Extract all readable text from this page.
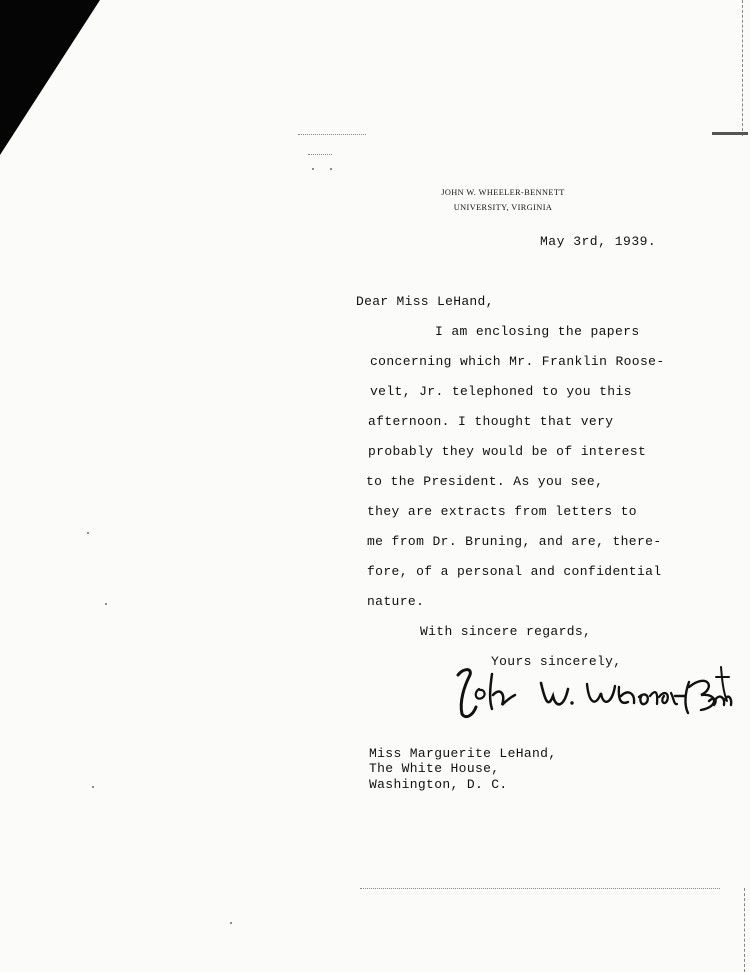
JOHN W. WHEELER-BENNETT
UNIVERSITY, VIRGINIA
May 3rd, 1939.
Dear Miss LeHand,
I am enclosing the papers
concerning which Mr. Franklin Roose-
velt, Jr. telephoned to you this
afternoon. I thought that very
probably they would be of interest
to the President. As you see,
they are extracts from letters to
me from Dr. Bruning, and are, there-
fore, of a personal and confidential
nature.
With sincere regards,
Yours sincerely,
Miss Marguerite LeHand,
The White House,
Washington, D. C.
